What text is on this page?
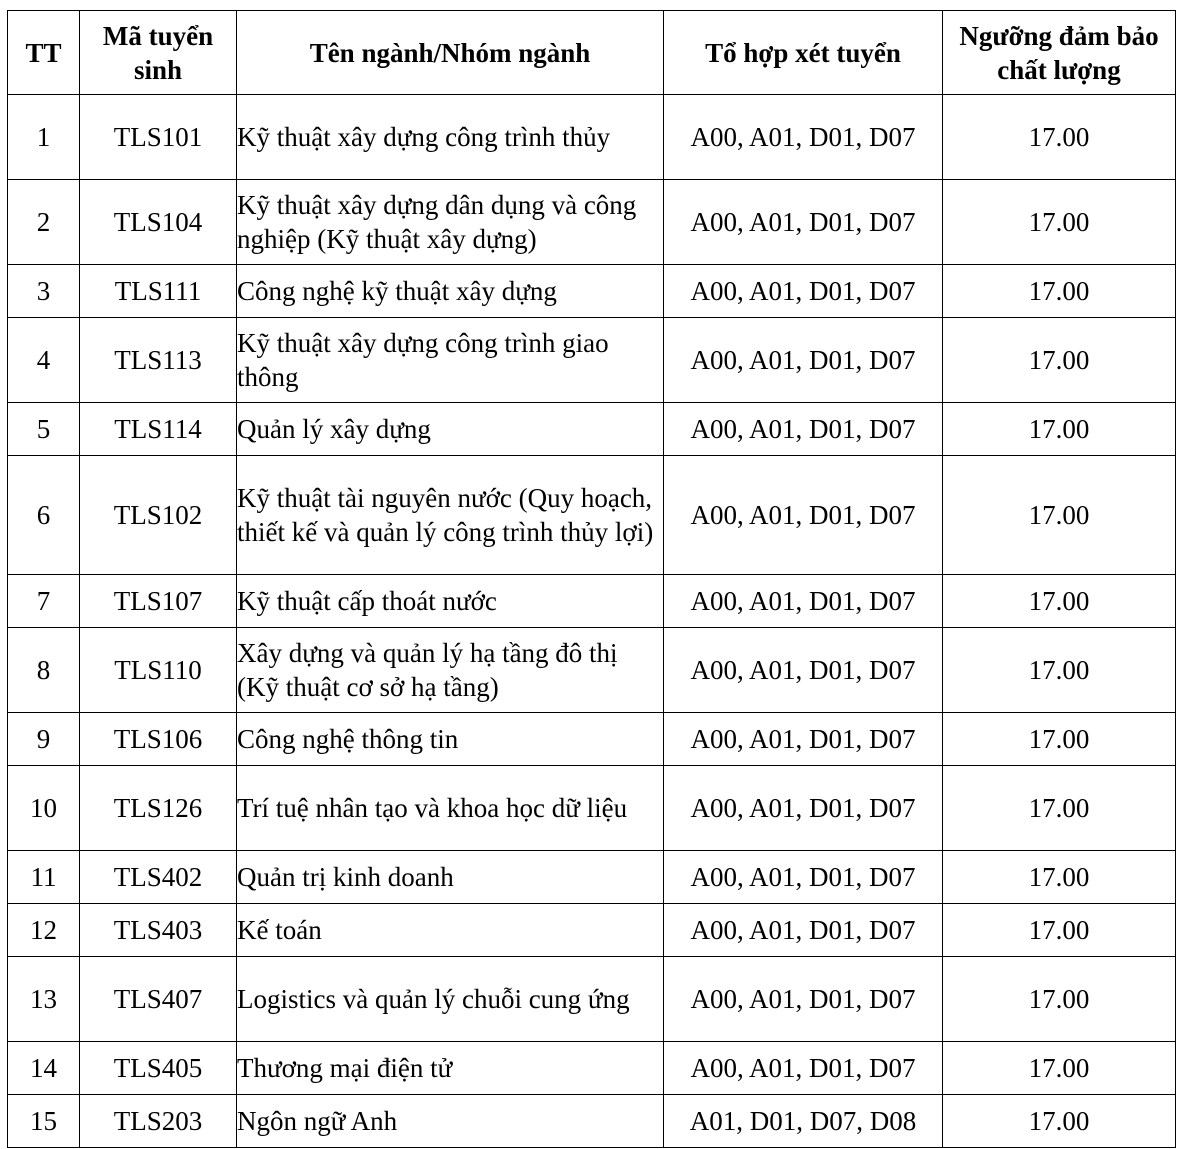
TT	Mã tuyển sinh	Tên ngành/Nhóm ngành	Tổ hợp xét tuyển	Ngưỡng đảm bảo chất lượng
1	TLS101	Kỹ thuật xây dựng công trình thủy	A00, A01, D01, D07	17.00
2	TLS104	Kỹ thuật xây dựng dân dụng và công nghiệp (Kỹ thuật xây dựng)	A00, A01, D01, D07	17.00
3	TLS111	Công nghệ kỹ thuật xây dựng	A00, A01, D01, D07	17.00
4	TLS113	Kỹ thuật xây dựng công trình giao thông	A00, A01, D01, D07	17.00
5	TLS114	Quản lý xây dựng	A00, A01, D01, D07	17.00
6	TLS102	Kỹ thuật tài nguyên nước (Quy hoạch, thiết kế và quản lý công trình thủy lợi)	A00, A01, D01, D07	17.00
7	TLS107	Kỹ thuật cấp thoát nước	A00, A01, D01, D07	17.00
8	TLS110	Xây dựng và quản lý hạ tầng đô thị (Kỹ thuật cơ sở hạ tầng)	A00, A01, D01, D07	17.00
9	TLS106	Công nghệ thông tin	A00, A01, D01, D07	17.00
10	TLS126	Trí tuệ nhân tạo và khoa học dữ liệu	A00, A01, D01, D07	17.00
11	TLS402	Quản trị kinh doanh	A00, A01, D01, D07	17.00
12	TLS403	Kế toán	A00, A01, D01, D07	17.00
13	TLS407	Logistics và quản lý chuỗi cung ứng	A00, A01, D01, D07	17.00
14	TLS405	Thương mại điện tử	A00, A01, D01, D07	17.00
15	TLS203	Ngôn ngữ Anh	A01, D01, D07, D08	17.00
